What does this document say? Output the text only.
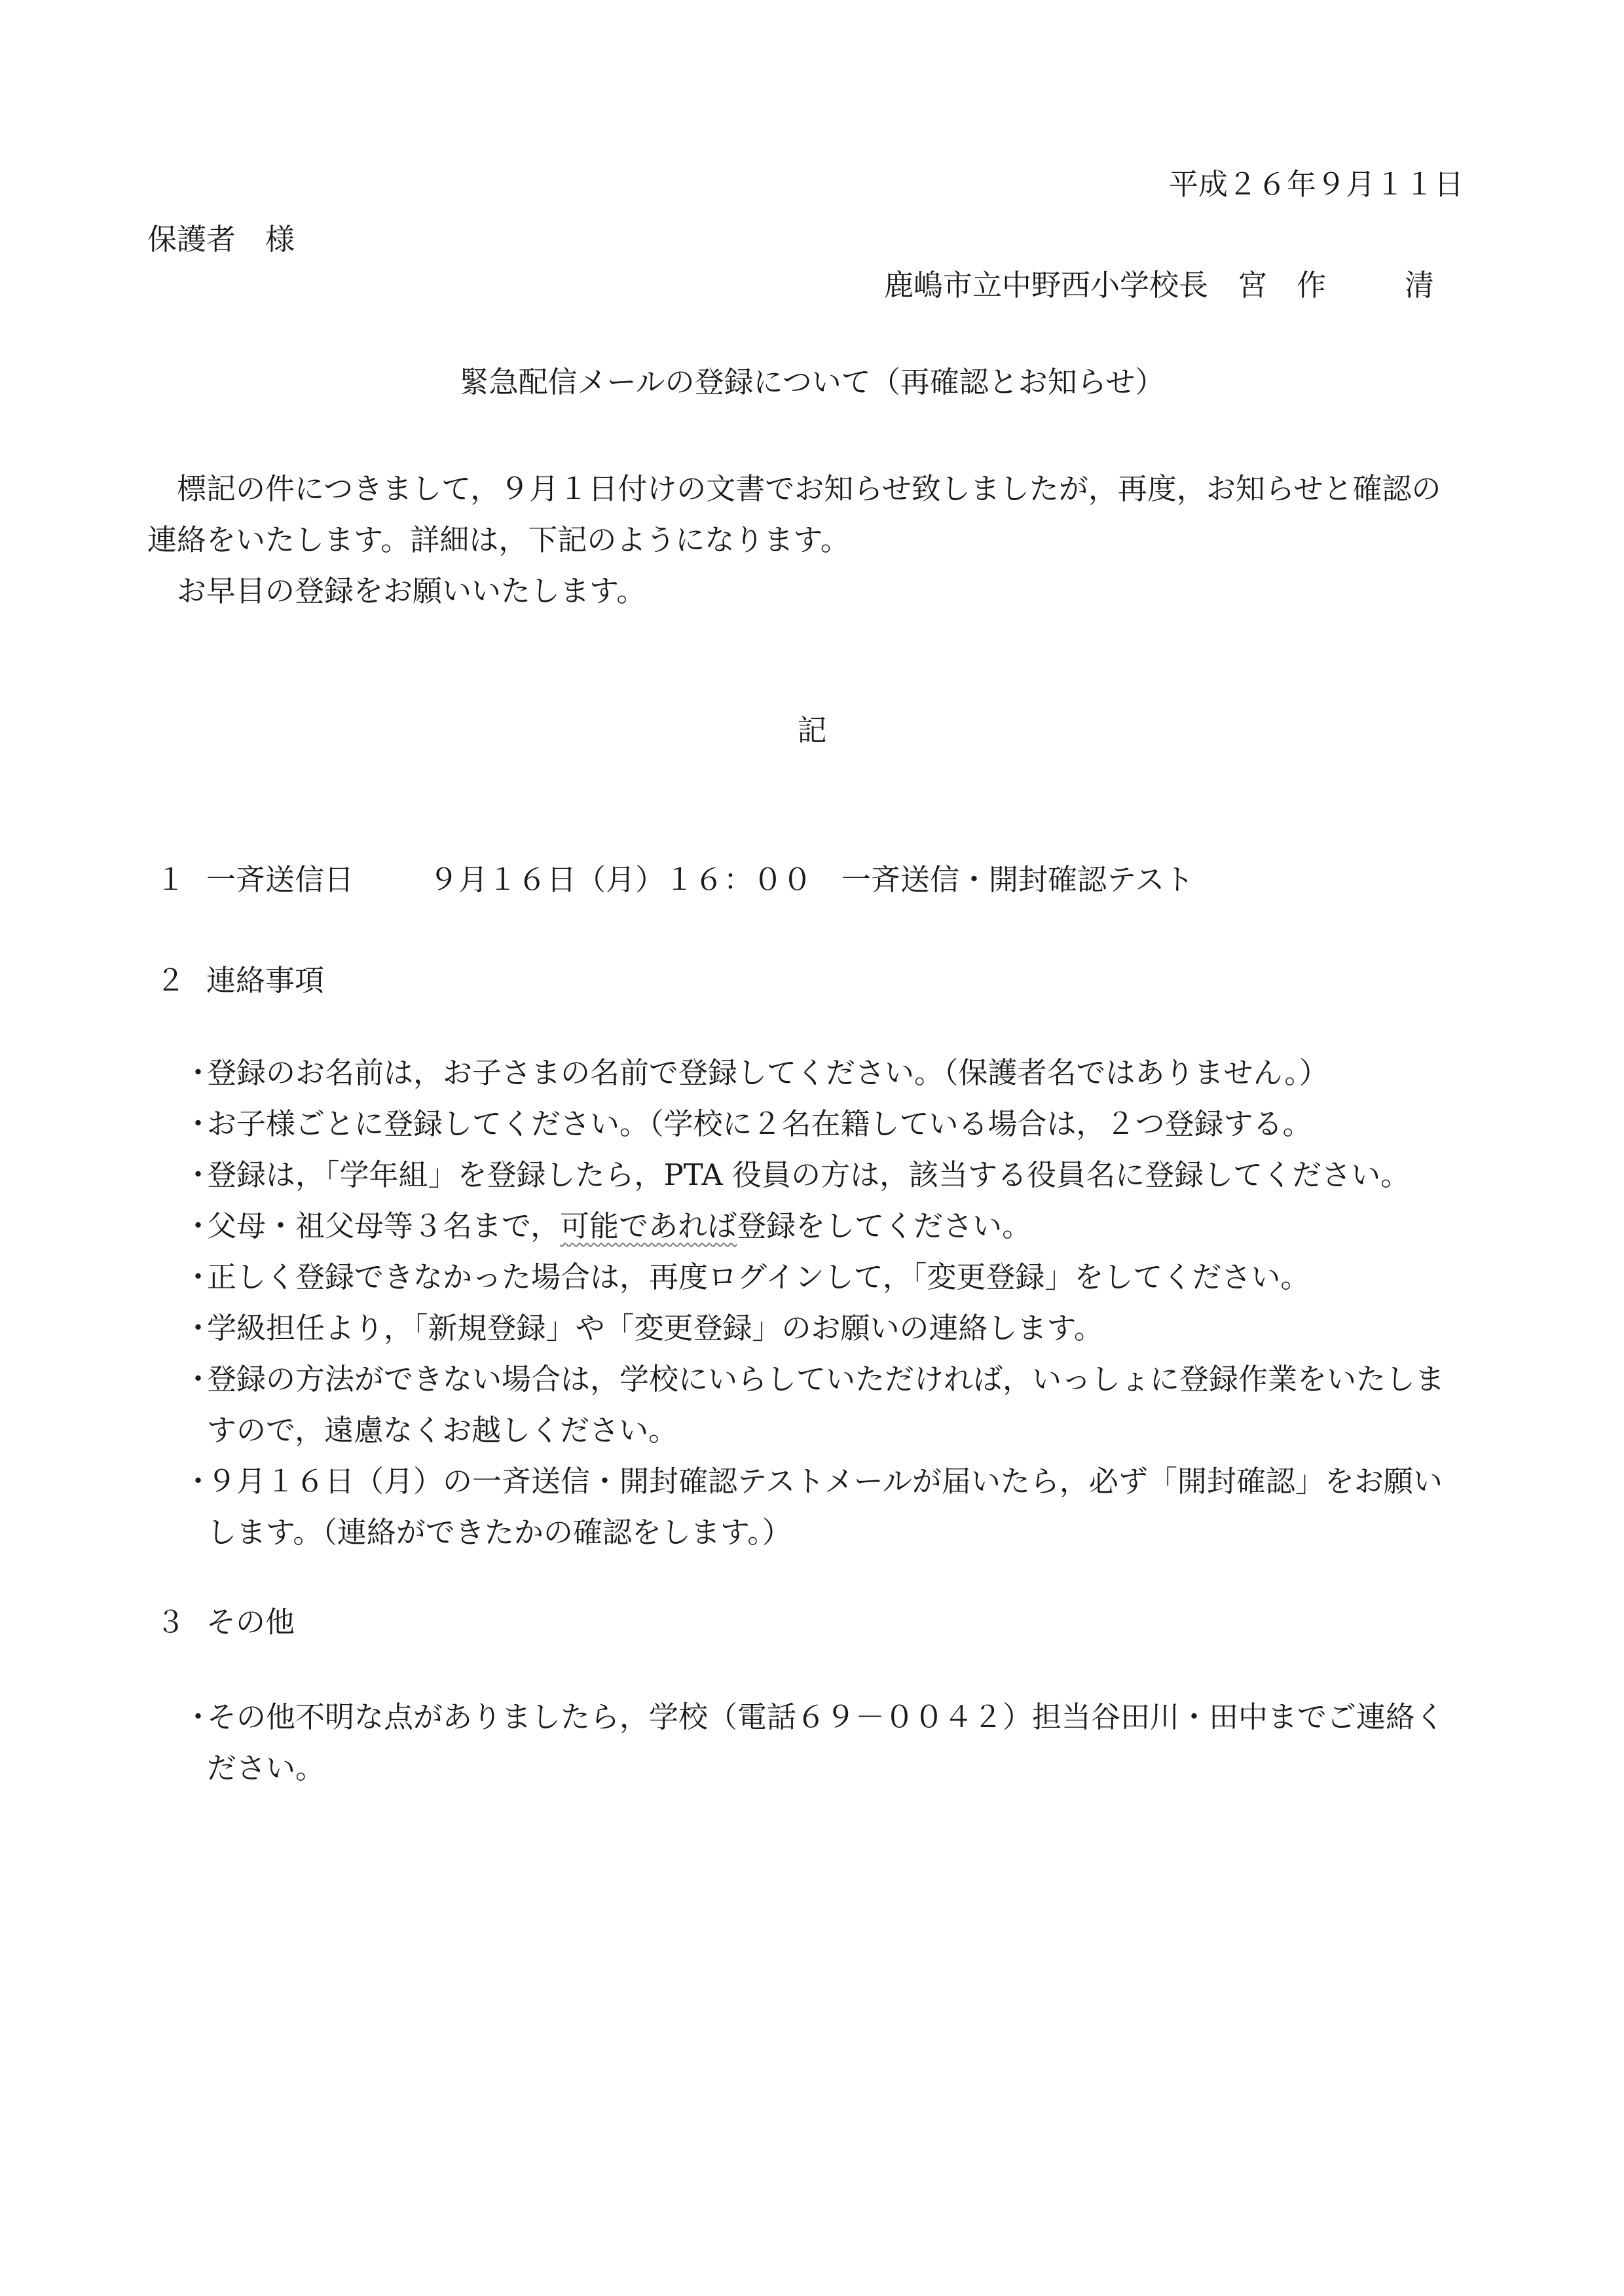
平成２６年９月１１日
保護者　様
鹿嶋市立中野西小学校長　宮　作	清
緊急配信メールの登録について（再確認とお知らせ）

標記の件につきまして，９月１日付けの文書でお知らせ致しましたが，再度，お知らせと確認の連絡をいたします。詳細は，下記のようになります。

お早目の登録をお願いいたします。

記
１ 一斉送信日	９月１６日（月）１６：００　一斉送信・開封確認テスト
２ 連絡事項
・
登録のお名前は，お子さまの名前で登録してください。（保護者名ではありません。）
・
お子様ごとに登録してください。（学校に２名在籍している場合は，２つ登録する。
・
登録は，「学年組」を登録したら，PTA 役員の方は，該当する役員名に登録してください。
・
父母・祖父母等３名まで，可能であれば登録をしてください。
・
正しく登録できなかった場合は，再度ログインして，「変更登録」をしてください。
・
学級担任より，「新規登録」や「変更登録」のお願いの連絡します。
・
登録の方法ができない場合は，学校にいらしていただければ，いっしょに登録作業をいたしますので，遠慮なくお越しください。
・
９月１６日（月）の一斉送信・開封確認テストメールが届いたら，必ず「開封確認」をお願いします。（連絡ができたかの確認をします。）
３ その他
・
その他不明な点がありましたら，学校（電話６９－００４２）担当谷田川・田中までご連絡ください。
